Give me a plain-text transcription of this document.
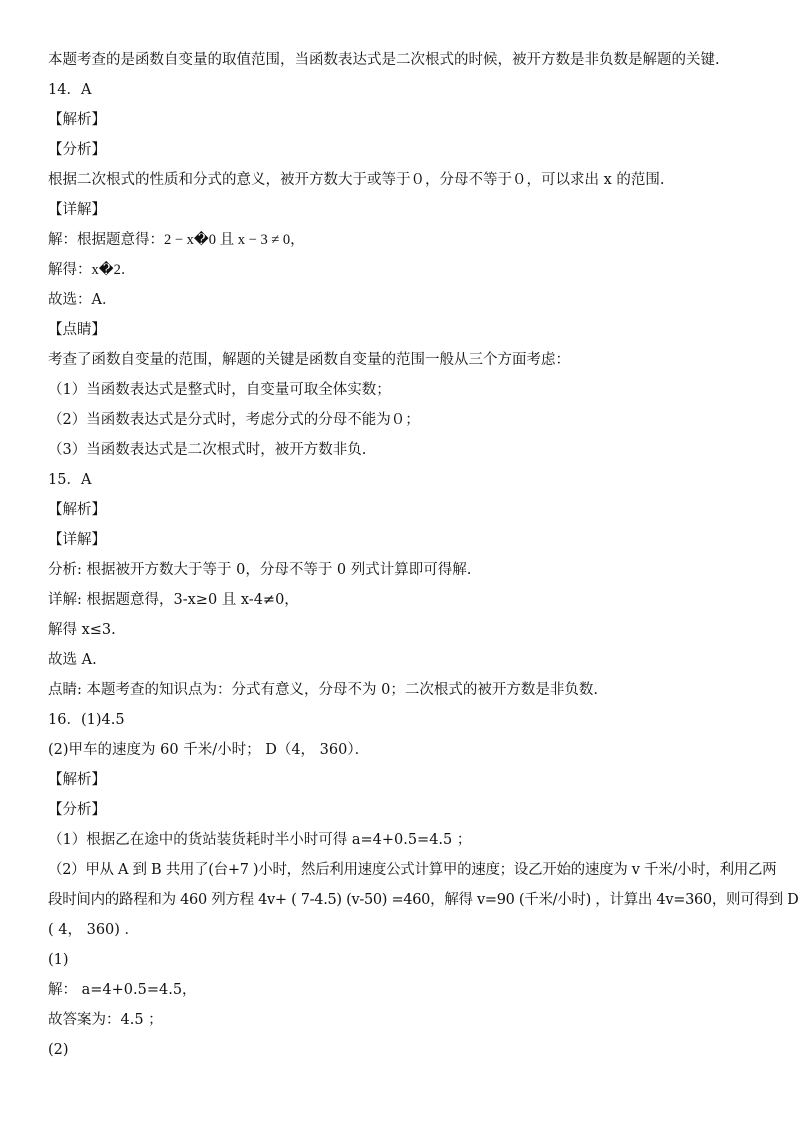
本题考查的是函数自变量的取值范围，当函数表达式是二次根式的时候，被开方数是非负数是解题的关键.
14．A
【解析】
【分析】
根据二次根式的性质和分式的意义，被开方数大于或等于０，分母不等于０，可以求出 x 的范围.
【详解】
解：根据题意得：2 − x�0 且 x − 3 ≠ 0，
解得：x�2．
故选：A．
【点睛】
考查了函数自变量的范围，解题的关键是函数自变量的范围一般从三个方面考虑：
（1）当函数表达式是整式时，自变量可取全体实数；
（2）当函数表达式是分式时，考虑分式的分母不能为０；
（3）当函数表达式是二次根式时，被开方数非负.
15．A
【解析】
【详解】
分析: 根据被开方数大于等于 0，分母不等于 0 列式计算即可得解.
详解: 根据题意得，3-x≥0 且 x-4≠0，
解得 x≤3.
故选 A.
点睛: 本题考查的知识点为：分式有意义，分母不为 0；二次根式的被开方数是非负数.
16．(1)4.5
(2)甲车的速度为 60 千米/小时； D（4， 360）．
【解析】
【分析】
（1）根据乙在途中的货站装货耗时半小时可得 a=4+0.5=4.5 ；
（2）甲从 A 到 B 共用了(台+7 )小时，然后利用速度公式计算甲的速度；设乙开始的速度为 v 千米/小时，利用乙两
段时间内的路程和为 460 列方程 4v+ ( 7-4.5) (v-50) =460，解得 v=90 (千米/小时) ，计算出 4v=360，则可得到 D
( 4， 360) ．
(1)
解： a=4+0.5=4.5，
故答案为：4.5 ；
(2)
